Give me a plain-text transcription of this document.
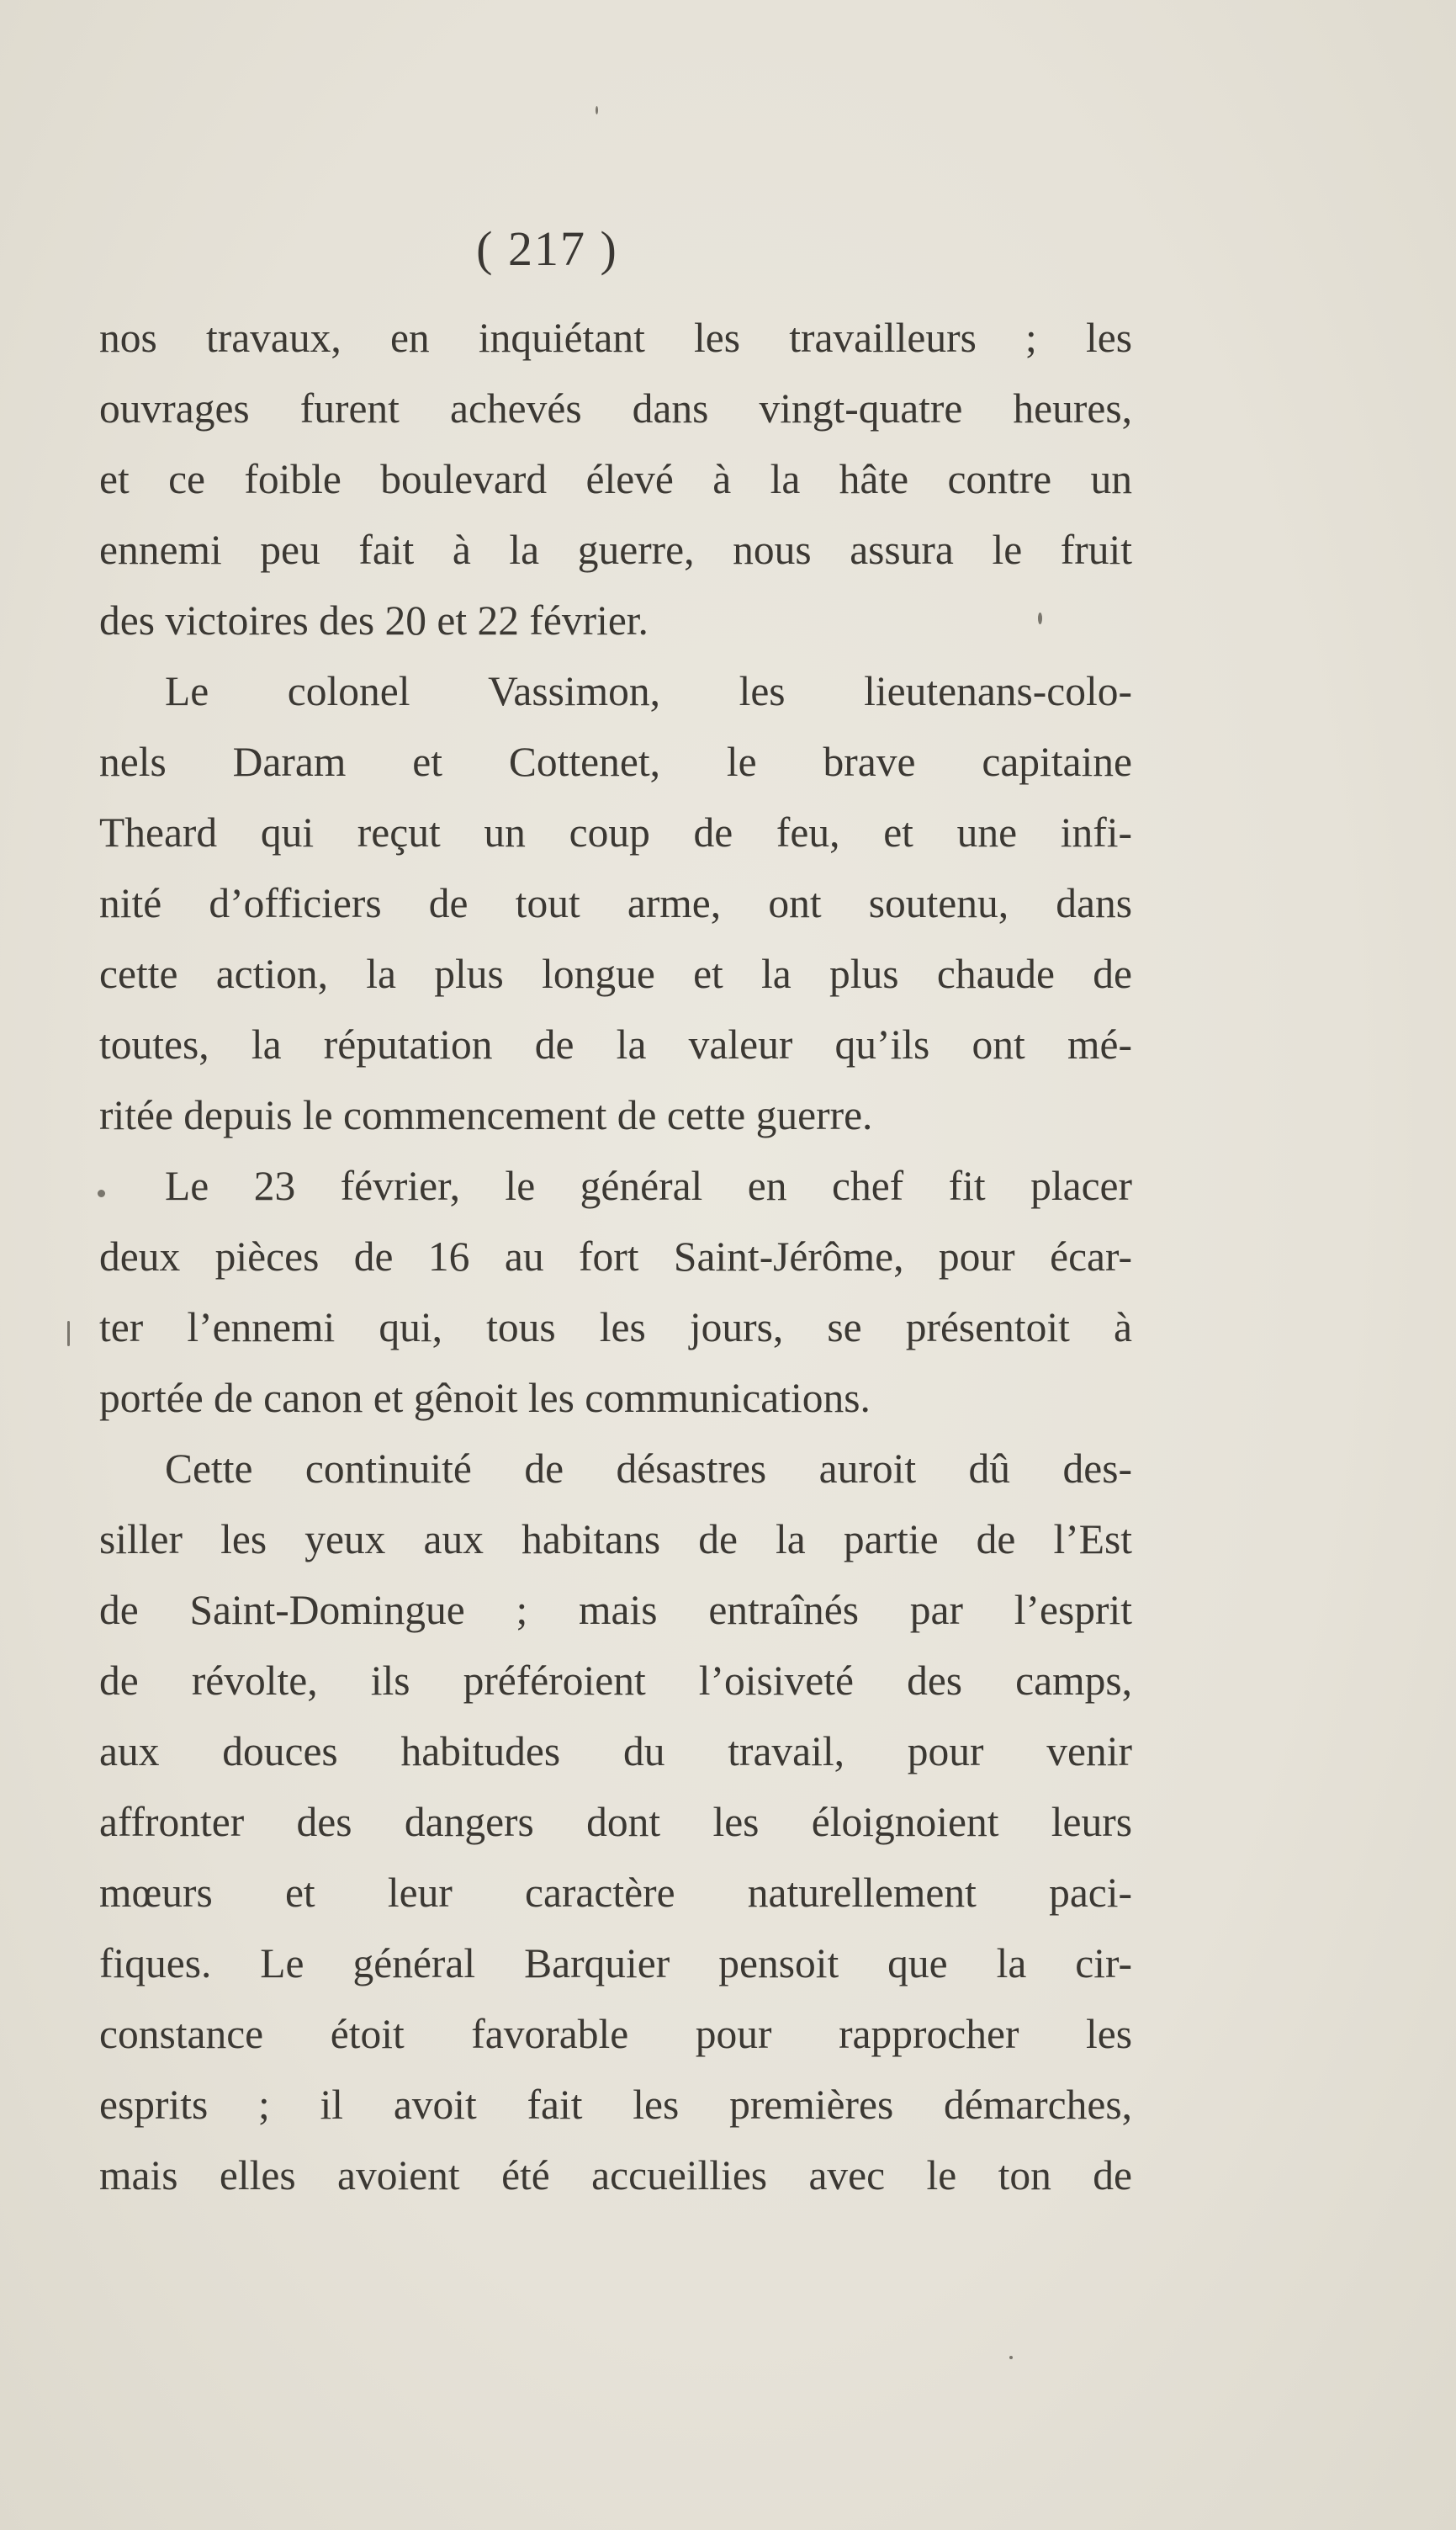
( 217 )
nos travaux, en inquiétant les travailleurs ; les
ouvrages furent achevés dans vingt-quatre heures,
et ce foible boulevard élevé à la hâte contre un
ennemi peu fait à la guerre, nous assura le fruit
des victoires des 20 et 22 février.
Le colonel Vassimon, les lieutenans-colo-
nels Daram et Cottenet, le brave capitaine
Theard qui reçut un coup de feu, et une infi-
nité d’officiers de tout arme, ont soutenu, dans
cette action, la plus longue et la plus chaude de
toutes, la réputation de la valeur qu’ils ont mé-
ritée depuis le commencement de cette guerre.
Le 23 février, le général en chef fit placer
deux pièces de 16 au fort Saint-Jérôme, pour écar-
ter l’ennemi qui, tous les jours, se présentoit à
portée de canon et gênoit les communications.
Cette continuité de désastres auroit dû des-
siller les yeux aux habitans de la partie de l’Est
de Saint-Domingue ; mais entraînés par l’esprit
de révolte, ils préféroient l’oisiveté des camps,
aux douces habitudes du travail, pour venir
affronter des dangers dont les éloignoient leurs
mœurs et leur caractère naturellement paci-
fiques. Le général Barquier pensoit que la cir-
constance étoit favorable pour rapprocher les
esprits ; il avoit fait les premières démarches,
mais elles avoient été accueillies avec le ton de
